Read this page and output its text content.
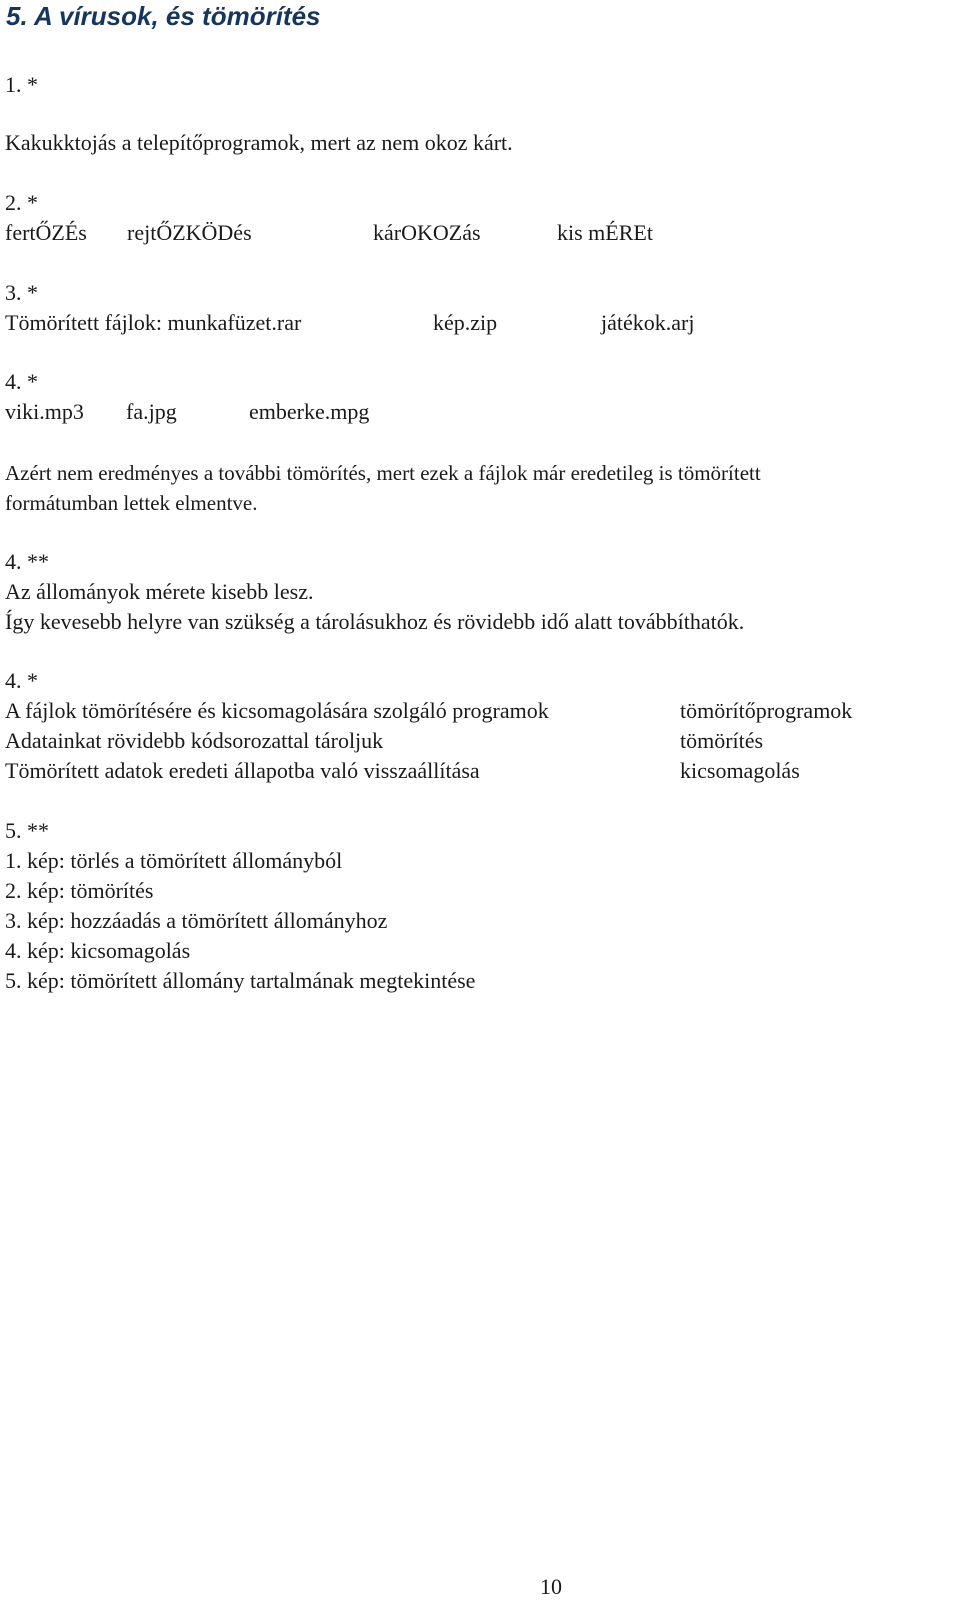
5. A vírusok, és tömörítés
1. *
Kakukktojás a telepítőprogramok, mert az nem okoz kárt.
2. *
fertŐZÉs rejtŐZKÖDés	kárOKOZás	kis mÉREt
3. *
Tömörített fájlok: munkafüzet.rar	kép.zip	játékok.arj
4. *
viki.mp3 fa.jpg	emberke.mpg
Azért nem eredményes a további tömörítés, mert ezek a fájlok már eredetileg is tömörített
formátumban lettek elmentve.
4. **
Az állományok mérete kisebb lesz.
Így kevesebb helyre van szükség a tárolásukhoz és rövidebb idő alatt továbbíthatók.
4. *
A fájlok tömörítésére és kicsomagolására szolgáló programok	tömörítőprogramok
Adatainkat rövidebb kódsorozattal tároljuk	tömörítés
Tömörített adatok eredeti állapotba való visszaállítása	kicsomagolás
5. **
1. kép: törlés a tömörített állományból
2. kép: tömörítés
3. kép: hozzáadás a tömörített állományhoz
4. kép: kicsomagolás
5. kép: tömörített állomány tartalmának megtekintése
10
